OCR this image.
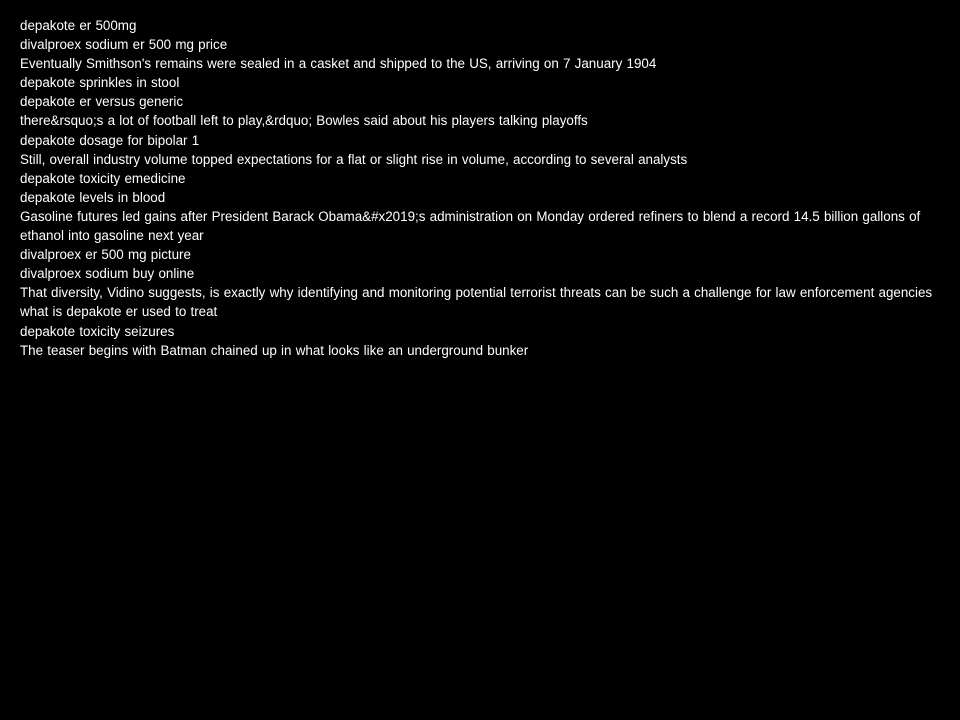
depakote er 500mg
divalproex sodium er 500 mg price
Eventually Smithson's remains were sealed in a casket and shipped to the US, arriving on 7 January 1904
depakote sprinkles in stool
depakote er versus generic
there&rsquo;s a lot of football left to play,&rdquo; Bowles said about his players talking playoffs
depakote dosage for bipolar 1
Still, overall industry volume topped expectations for a flat or slight rise in volume, according to several analysts
depakote toxicity emedicine
depakote levels in blood
Gasoline futures led gains after President Barack Obama&#x2019;s administration on Monday ordered refiners to blend a record 14.5 billion gallons of ethanol into gasoline next year
divalproex er 500 mg picture
divalproex sodium buy online
That diversity, Vidino suggests, is exactly why identifying and monitoring potential terrorist threats can be such a challenge for law enforcement agencies
what is depakote er used to treat
depakote toxicity seizures
The teaser begins with Batman chained up in what looks like an underground bunker
